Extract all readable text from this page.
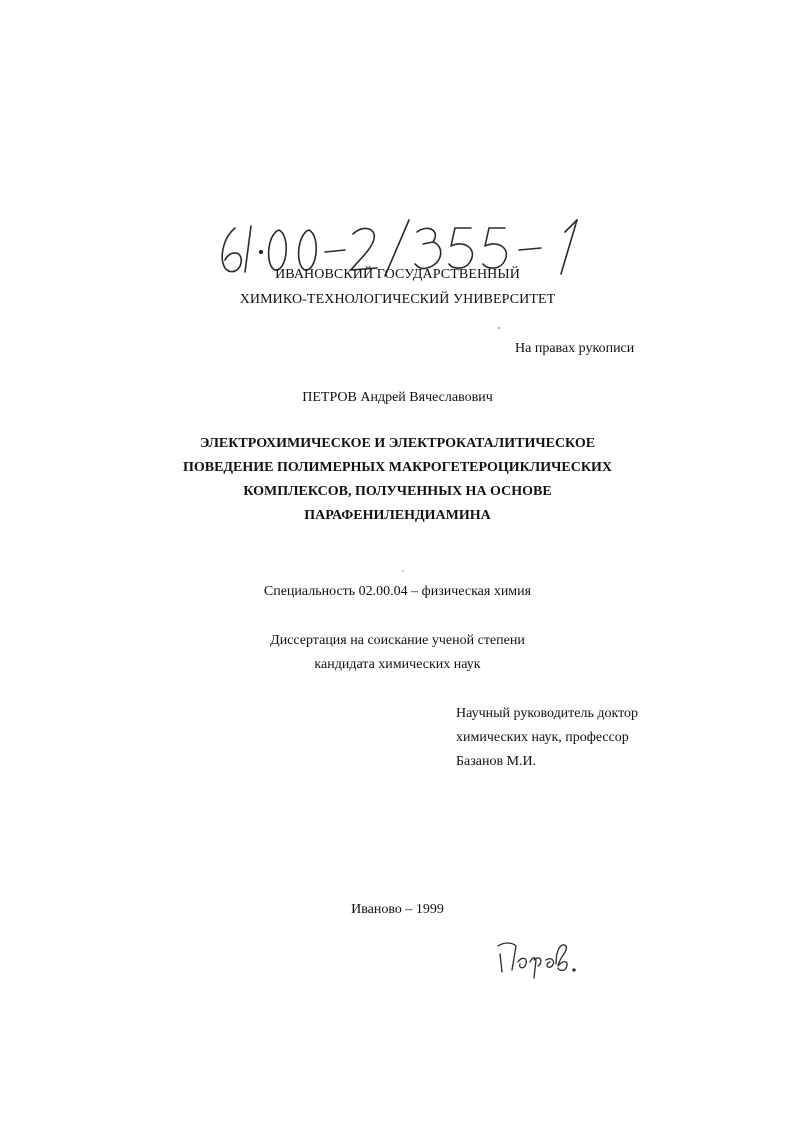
ИВАНОВСКИЙ ГОСУДАРСТВЕННЫЙ
ХИМИКО-ТЕХНОЛОГИЧЕСКИЙ УНИВЕРСИТЕТ
На правах рукописи
ПЕТРОВ Андрей Вячеславович
ЭЛЕКТРОХИМИЧЕСКОЕ И ЭЛЕКТРОКАТАЛИТИЧЕСКОЕ
ПОВЕДЕНИЕ ПОЛИМЕРНЫХ МАКРОГЕТЕРОЦИКЛИЧЕСКИХ
КОМПЛЕКСОВ, ПОЛУЧЕННЫХ НА ОСНОВЕ
ПАРАФЕНИЛЕНДИАМИНА
Специальность 02.00.04 – физическая химия
Диссертация на соискание ученой степени
кандидата химических наук
Научный руководитель доктор
химических наук, профессор
Базанов М.И.
Иваново – 1999
